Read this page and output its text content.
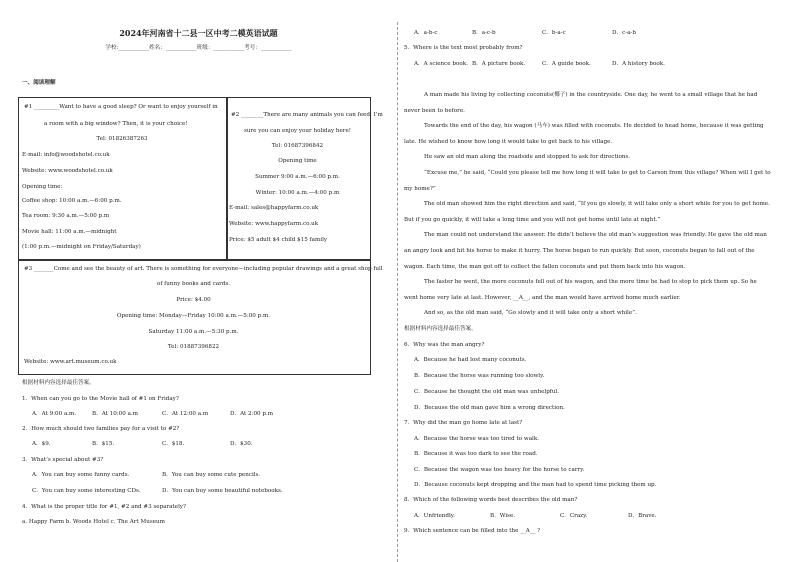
2024年河南省十二县一区中考二模英语试题
学校:___________姓名：___________班级：___________考号：___________
一、阅读理解
#1 _________Want to have a good sleep? Or want to enjoy yourself in
a room with a big window? Then, it is your choice!
Tel: 01826387263
E-mail: info@woodshotel.co.uk
Website: www.woodshotel.co.uk
Opening time:
Coffee shop: 10:00 a.m.—6:00 p.m.
Tea room: 9:30 a.m.—5:00 p.m
Movie hall: 11:00 a.m.—midnight
(1:00 p.m.—midnight on Friday/Saturday)
#2 ________There are many animals you can feed. I’m
sure you can enjoy your holiday here!
Tel: 01687396842
Opening time
Summer 9:00 a.m.—6:00 p.m.
Winter: 10:00 a.m.—4:00 p.m
E-mail: sales@happyfarm.co.uk
Website: www.happyfarm.co.uk
Price: $5 adult $4 child $15 family
#3 _______Come and see the beauty of art. There is something for everyone—including popular drawings and a great shop full
of funny books and cards.
Price: $4.00
Opening time: Monday—Friday 10:00 a.m.—5:00 p.m.
Saturday 11:00 a.m.—5:30 p.m.
Tel: 01887396822
Website: www.art.museum.co.uk
根据材料内容选择最佳答案。
1．When can you go to the Movie hall of #1 on Friday?
A．At 9:00 a.m.	B．At 10:00 a.m	C．At 12:00 a.m	D．At 2:00 p.m
2．How much should two families pay for a visit to #2?
A．$9.	B．$15.	C．$18.	D．$30.
3．What’s special about #3?
A．You can buy some funny cards.	B．You can buy some cute pencils.
C．You can buy some interesting CDs.	D．You can buy some beautiful notebooks.
4．What is the proper title for #1, #2 and #3 separately?
a. Happy Farm b. Woods Hotel c. The Art Museum
A．a-b-c	B．a-c-b	C．b-a-c	D．c-a-b
5．Where is the text most probably from?
A．A science book. B．A picture book.	C．A guide book.	D．A history book.
A man made his living by collecting coconuts(椰子) in the countryside. One day, he went to a small village that he had never been to before.
Towards the end of the day, his wagon (马车) was filled with coconuts. He decided to head home, because it was getting late. He wished to know how long it would take to get back to his village.
He saw an old man along the roadside and stopped to ask for directions.
“Excuse me,” he said, “Could you please tell me how long it will take to get to Carson from this village? When will I get to my home?”
The old man showed him the right direction and said, “If you go slowly, it will take only a short while for you to get home. But if you go quickly, it will take a long time and you will not get home until late at night.”
The man could not understand the answer. He didn’t believe the old man’s suggestion was friendly. He gave the old man an angry look and hit his horse to make it hurry. The horse began to run quickly. But soon, coconuts began to fall out of the wagon. Each time, the man got off to collect the fallen coconuts and put them back into his wagon.
The faster he went, the more coconuts fell out of his wagon, and the more time he had to stop to pick them up. So he went home very late at last. However, __A__, and the man would have arrived home much earlier.
And so, as the old man said, “Go slowly and it will take only a short while”.
根据材料内容选择最佳答案。
6．Why was the man angry?
A．Because he had lost many coconuts.
B．Because the horse was running too slowly.
C．Because he thought the old man was unhelpful.
D．Because the old man gave him a wrong direction.
7．Why did the man go home late at last?
A．Because the horse was too tired to walk.
B．Because it was too dark to see the road.
C．Because the wagon was too heavy for the horse to carry.
D．Because coconuts kept dropping and the man had to spend time picking them up.
8．Which of the following words best describes the old man?
A．Unfriendly.	B．Wise.	C．Crazy.	D．Brave.
9．Which sentence can be filled into the __A__ ?
